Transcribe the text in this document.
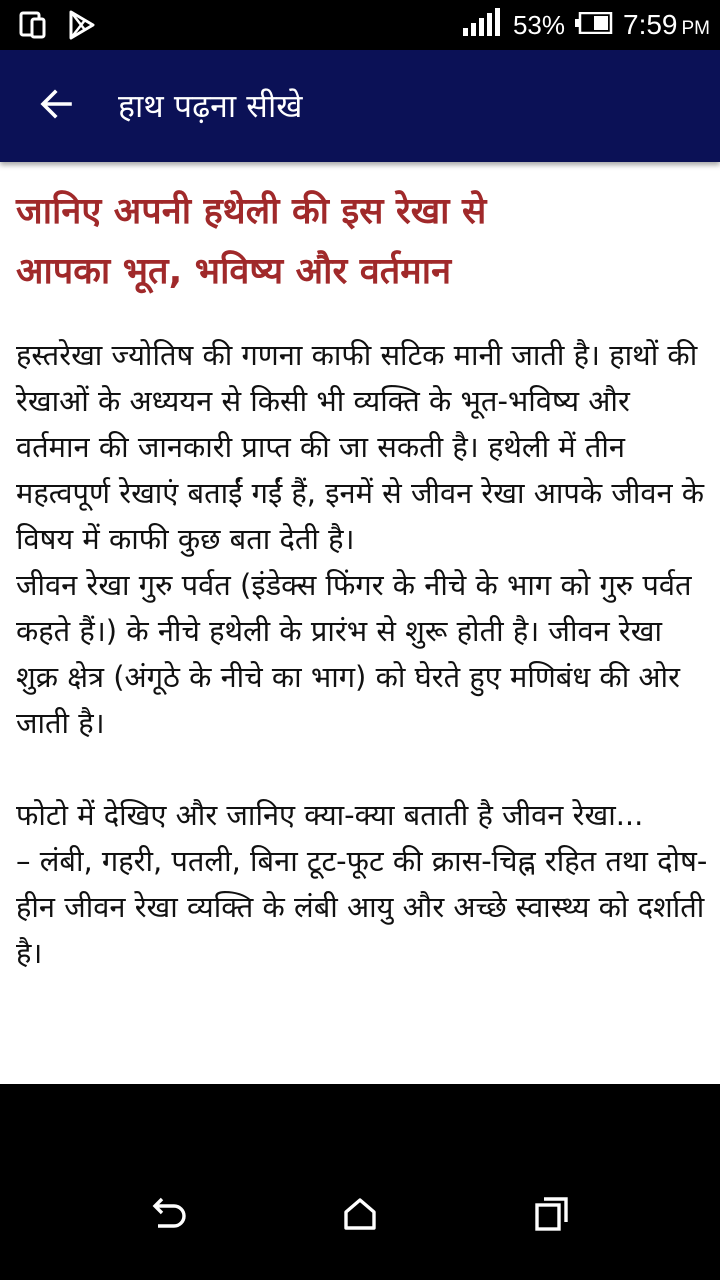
53% 7:59 PM
हाथ पढ़ना सीखे
जानिए अपनी हथेली की इस रेखा से
आपका भूत, भविष्य और वर्तमान

हस्तरेखा ज्योतिष की गणना काफी सटिक मानी जाती है। हाथों की रेखाओं के अध्ययन से किसी भी व्यक्ति के भूत-भविष्य और वर्तमान की जानकारी प्राप्त की जा सकती है। हथेली में तीन महत्वपूर्ण रेखाएं बताईं गईं हैं, इनमें से जीवन रेखा आपके जीवन के विषय में काफी कुछ बता देती है।

जीवन रेखा गुरु पर्वत (इंडेक्स फिंगर के नीचे के भाग को गुरु पर्वत कहते हैं।) के नीचे हथेली के प्रारंभ से शुरू होती है। जीवन रेखा शुक्र क्षेत्र (अंगूठे के नीचे का भाग) को घेरते हुए मणिबंध की ओर जाती है।

फोटो में देखिए और जानिए क्या-क्या बताती है जीवन रेखा...

– लंबी, गहरी, पतली, बिना टूट-फूट की क्रास-चिह्न रहित तथा दोष-हीन जीवन रेखा व्यक्ति के लंबी आयु और अच्छे स्वास्थ्य को दर्शाती है।
